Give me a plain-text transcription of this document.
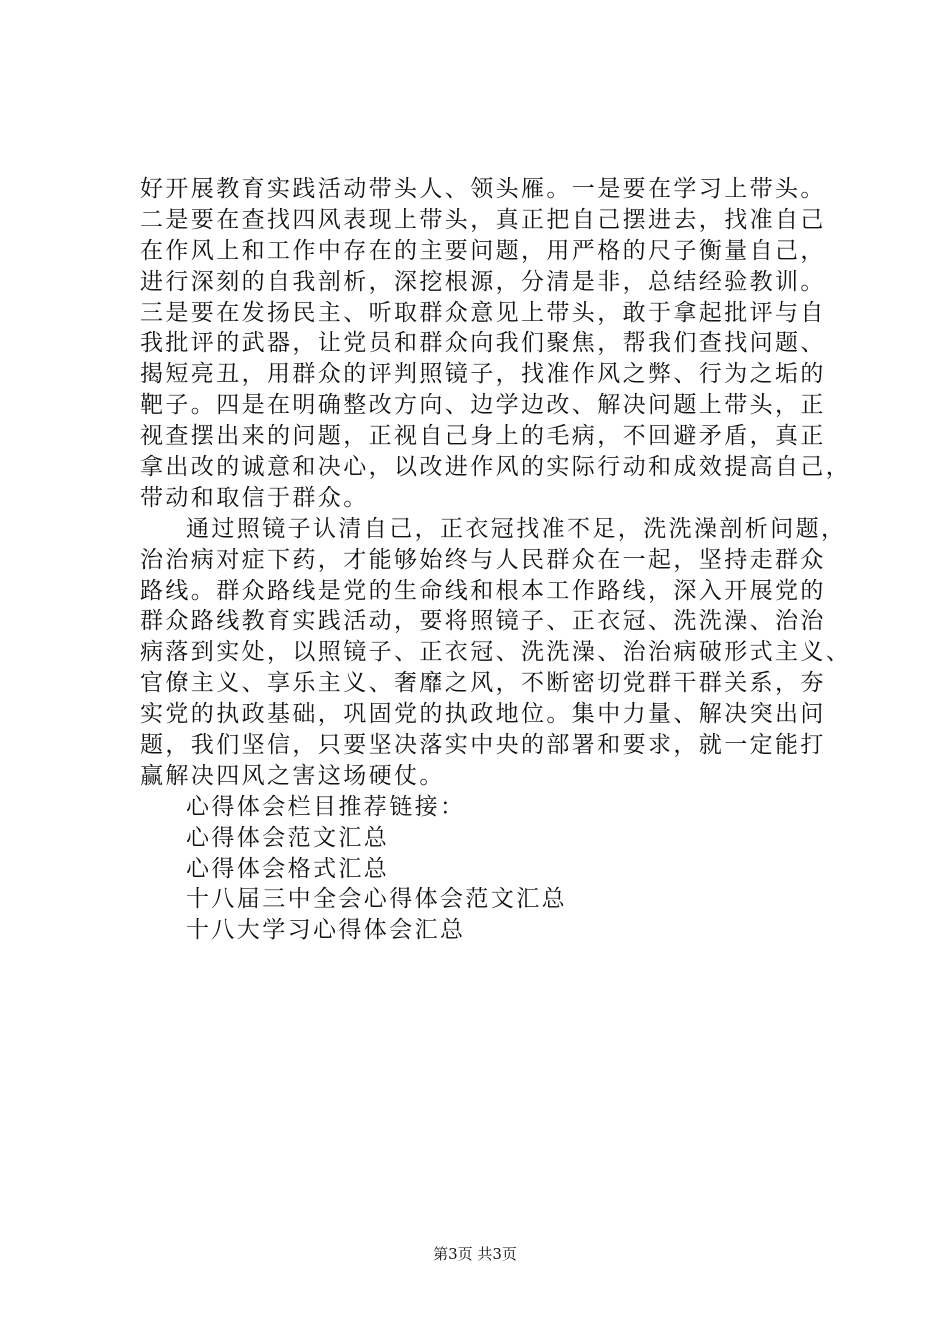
好开展教育实践活动带头人、领头雁。一是要在学习上带头。
二是要在查找四风表现上带头，真正把自己摆进去，找准自己
在作风上和工作中存在的主要问题，用严格的尺子衡量自己，
进行深刻的自我剖析，深挖根源，分清是非，总结经验教训。
三是要在发扬民主、听取群众意见上带头，敢于拿起批评与自
我批评的武器，让党员和群众向我们聚焦，帮我们查找问题、
揭短亮丑，用群众的评判照镜子，找准作风之弊、行为之垢的
靶子。四是在明确整改方向、边学边改、解决问题上带头，正
视查摆出来的问题，正视自己身上的毛病，不回避矛盾，真正
拿出改的诚意和决心，以改进作风的实际行动和成效提高自己，
带动和取信于群众。
通过照镜子认清自己，正衣冠找准不足，洗洗澡剖析问题，
治治病对症下药，才能够始终与人民群众在一起，坚持走群众
路线。群众路线是党的生命线和根本工作路线，深入开展党的
群众路线教育实践活动，要将照镜子、正衣冠、洗洗澡、治治
病落到实处，以照镜子、正衣冠、洗洗澡、治治病破形式主义、
官僚主义、享乐主义、奢靡之风，不断密切党群干群关系，夯
实党的执政基础，巩固党的执政地位。集中力量、解决突出问
题，我们坚信，只要坚决落实中央的部署和要求，就一定能打
赢解决四风之害这场硬仗。
心得体会栏目推荐链接：
心得体会范文汇总
心得体会格式汇总
十八届三中全会心得体会范文汇总
十八大学习心得体会汇总
第3页 共3页
